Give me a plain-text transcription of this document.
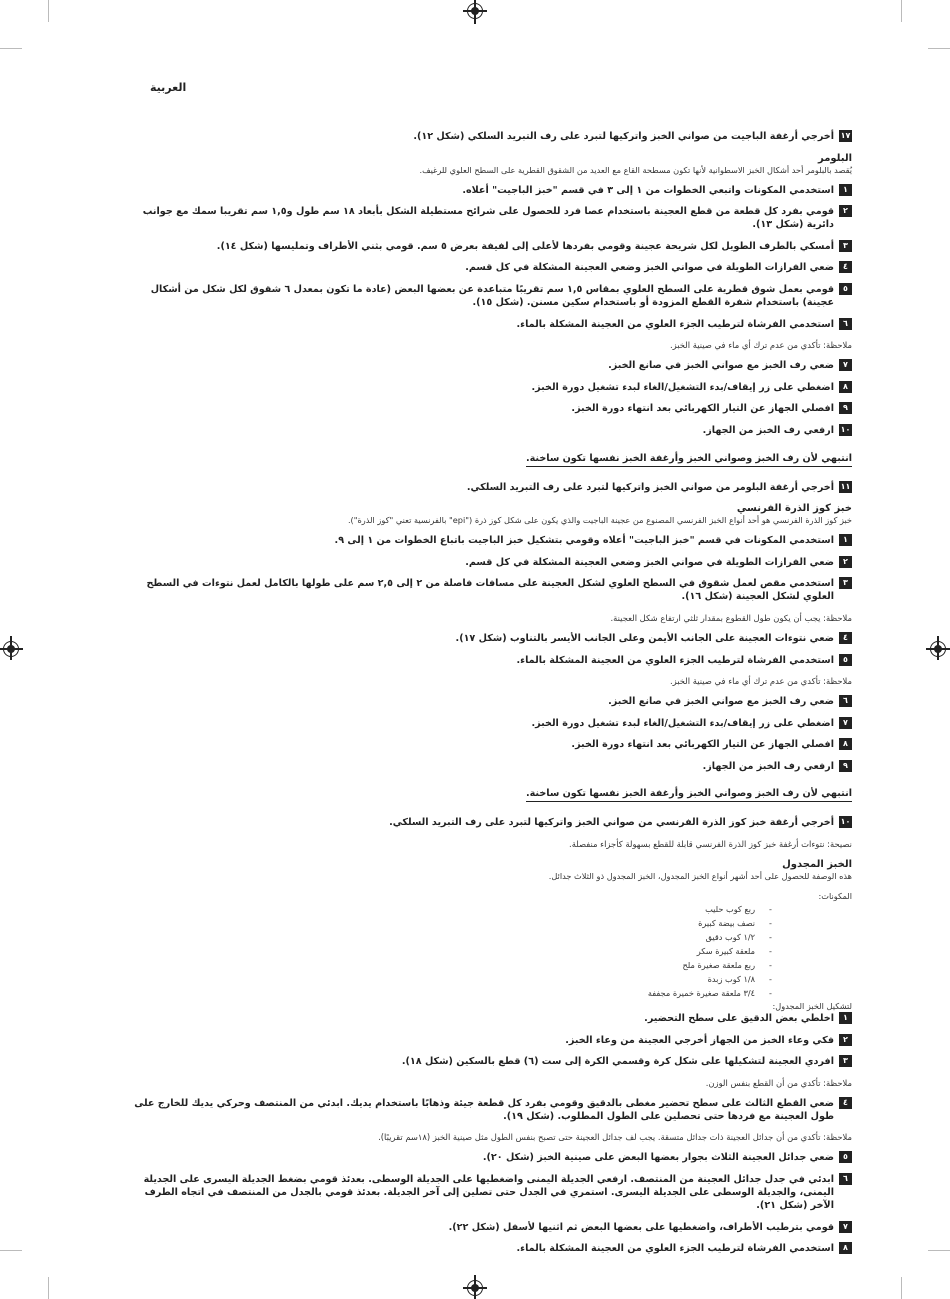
العربية
١٧
أخرجي أرغفة الباجيت من صواني الخبز واتركيها لتبرد على رف التبريد السلكي (شكل ١٢).
البلومر
يُقصد بالبلومر أحد أشكال الخبز الاسطوانية لأنها تكون مسطحة القاع مع العديد من الشقوق القطرية على السطح العلوي للرغيف.
١
استخدمي المكونات واتبعي الخطوات من ١ إلى ٣ في قسم "خبز الباجيت" أعلاه.
٢
قومي بفرد كل قطعة من قطع العجينة باستخدام عصا فرد للحصول على شرائح مستطيلة الشكل بأبعاد ١٨ سم طول و١,٥ سم تقريبا سمك مع جوانب دائرية (شكل ١٣).
٣
أمسكي بالطرف الطويل لكل شريحة عجينة وقومي بفردها لأعلى إلى لفيفة بعرض ٥ سم. قومي بثني الأطراف وتمليسها (شكل ١٤).
٤
ضعي الفرازات الطويلة في صواني الخبز وضعي العجينة المشكلة في كل قسم.
٥
قومي بعمل شوق قطرية على السطح العلوي بمقاس ١,٥ سم تقريبًا متباعدة عن بعضها البعض (عادة ما تكون بمعدل ٦ شقوق لكل شكل من أشكال عجينة) باستخدام شفرة القطع المزودة أو باستخدام سكين مسنن. (شكل ١٥).
٦
استخدمي الفرشاة لترطيب الجزء العلوي من العجينة المشكلة بالماء.
ملاحظة: تأكدي من عدم ترك أي ماء في صينية الخبز.
٧
ضعي رف الخبز مع صواني الخبز في صانع الخبز.
٨
اضغطي على زر إيقاف/بدء التشغيل/الغاء لبدء تشغيل دورة الخبز.
٩
افصلي الجهاز عن التيار الكهربائي بعد انتهاء دورة الخبز.
١٠
ارفعي رف الخبز من الجهاز.
انتبهي لأن رف الخبز وصواني الخبز وأرغفة الخبز نفسها تكون ساخنة.
١١
أخرجي أرغفة البلومر من صواني الخبز واتركيها لتبرد على رف التبريد السلكي.
خبز كوز الذرة الفرنسي
خبز كوز الذرة الفرنسي هو أحد أنواع الخبز الفرنسي المصنوع من عجينة الباجيت والذي يكون على شكل كوز ذرة ("epi" بالفرنسية تعني "كوز الذرة").
١
استخدمي المكونات في قسم "خبز الباجيت" أعلاه وقومي بتشكيل خبز الباجيت باتباع الخطوات من ١ إلى ٩.
٢
ضعي الفرازات الطويلة في صواني الخبز وضعي العجينة المشكلة في كل قسم.
٣
استخدمي مقص لعمل شقوق في السطح العلوي لشكل العجينة على مسافات فاصلة من ٢ إلى ٢,٥ سم على طولها بالكامل لعمل نتوءات في السطح العلوي لشكل العجينة (شكل ١٦).
ملاحظة: يجب أن يكون طول القطوع بمقدار ثلثي ارتفاع شكل العجينة.
٤
ضعي نتوءات العجينة على الجانب الأيمن وعلى الجانب الأيسر بالتناوب (شكل ١٧).
٥
استخدمي الفرشاة لترطيب الجزء العلوي من العجينة المشكلة بالماء.
ملاحظة: تأكدي من عدم ترك أي ماء في صينية الخبز.
٦
ضعي رف الخبز مع صواني الخبز في صانع الخبز.
٧
اضغطي على زر إيقاف/بدء التشغيل/الغاء لبدء تشغيل دورة الخبز.
٨
افصلي الجهاز عن التيار الكهربائي بعد انتهاء دورة الخبز.
٩
ارفعي رف الخبز من الجهاز.
انتبهي لأن رف الخبز وصواني الخبز وأرغفة الخبز نفسها تكون ساخنة.
١٠
أخرجي أرغفة خبز كوز الذرة الفرنسي من صواني الخبز واتركيها لتبرد على رف التبريد السلكي.
نصيحة: نتوءات أرغفة خبز كوز الذرة الفرنسي قابلة للقطع بسهولة كأجزاء منفصلة.
الخبز المجدول
هذه الوصفة للحصول على أحد أشهر أنواع الخبز المجدول، الخبز المجدول ذو الثلاث جدائل.
المكونات:
-ربع كوب حليب
-نصف بيضة كبيرة
-١/٢ كوب دقيق
-ملعقة كبيرة سكر
-ربع ملعقة صغيرة ملح
-١/٨ كوب زبدة
-٣/٤ ملعقة صغيرة خميرة مجففة
لتشكيل الخبز المجدول:
١
اخلطي بعض الدقيق على سطح التحضير.
٢
فكي وعاء الخبز من الجهاز أخرجي العجينة من وعاء الخبز.
٣
افردي العجينة لتشكيلها على شكل كرة وقسمي الكرة إلى ست (٦) قطع بالسكين (شكل ١٨).
ملاحظة: تأكدي من أن القطع بنفس الوزن.
٤
ضعي القطع الثالث على سطح تحضير مغطى بالدقيق وقومي بفرد كل قطعة جيئة وذهابًا باستخدام يديك. ابدئي من المنتصف وحركي يديك للخارج على طول العجينة مع فردها حتى تحصلين على الطول المطلوب. (شكل ١٩).
ملاحظة: تأكدي من أن جدائل العجينة ذات جدائل متسقة. يجب لف جدائل العجينة حتى تصبح بنفس الطول مثل صينية الخبز (١٨سم تقريبًا).
٥
ضعي جدائل العجينة الثلاث بجوار بعضها البعض على صينية الخبز (شكل ٢٠).
٦
ابدئي في جدل جدائل العجينة من المنتصف. ارفعي الجديلة اليمنى واضغطيها على الجديلة الوسطى. بعدئذ قومي بضغط الجديلة اليسرى على الجديلة اليمنى، والجديلة الوسطى على الجديلة اليسرى. استمري في الجدل حتى تصلين إلى آخر الجديلة. بعدئذ قومي بالجدل من المنتصف في اتجاه الطرف الآخر (شكل ٢١).
٧
قومي بترطيب الأطراف، واضغطيها على بعضها البعض ثم اثنيها لأسفل (شكل ٢٢).
٨
استخدمي الفرشاة لترطيب الجزء العلوي من العجينة المشكلة بالماء.
